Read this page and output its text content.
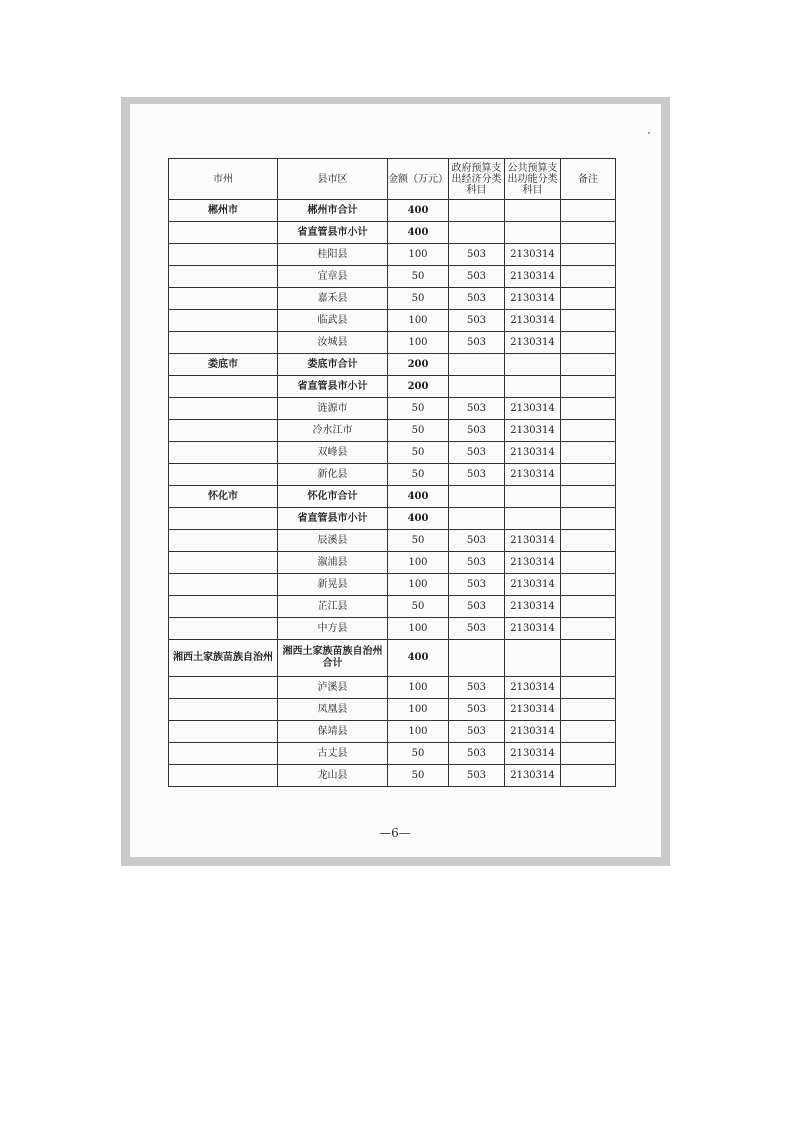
市州	县市区	金额（万元）	政府预算支出经济分类科目	公共预算支出功能分类科目	备注
郴州市	郴州市合计	400			
	省直管县市小计	400			
	桂阳县	100	503	2130314	
	宜章县	50	503	2130314	
	嘉禾县	50	503	2130314	
	临武县	100	503	2130314	
	汝城县	100	503	2130314	
娄底市	娄底市合计	200			
	省直管县市小计	200			
	涟源市	50	503	2130314	
	冷水江市	50	503	2130314	
	双峰县	50	503	2130314	
	新化县	50	503	2130314	
怀化市	怀化市合计	400			
	省直管县市小计	400			
	辰溪县	50	503	2130314	
	溆浦县	100	503	2130314	
	新晃县	100	503	2130314	
	芷江县	50	503	2130314	
	中方县	100	503	2130314	
湘西土家族苗族自治州	湘西土家族苗族自治州合计	400			
	泸溪县	100	503	2130314	
	凤凰县	100	503	2130314	
	保靖县	100	503	2130314	
	古丈县	50	503	2130314	
	龙山县	50	503	2130314	
—6—
